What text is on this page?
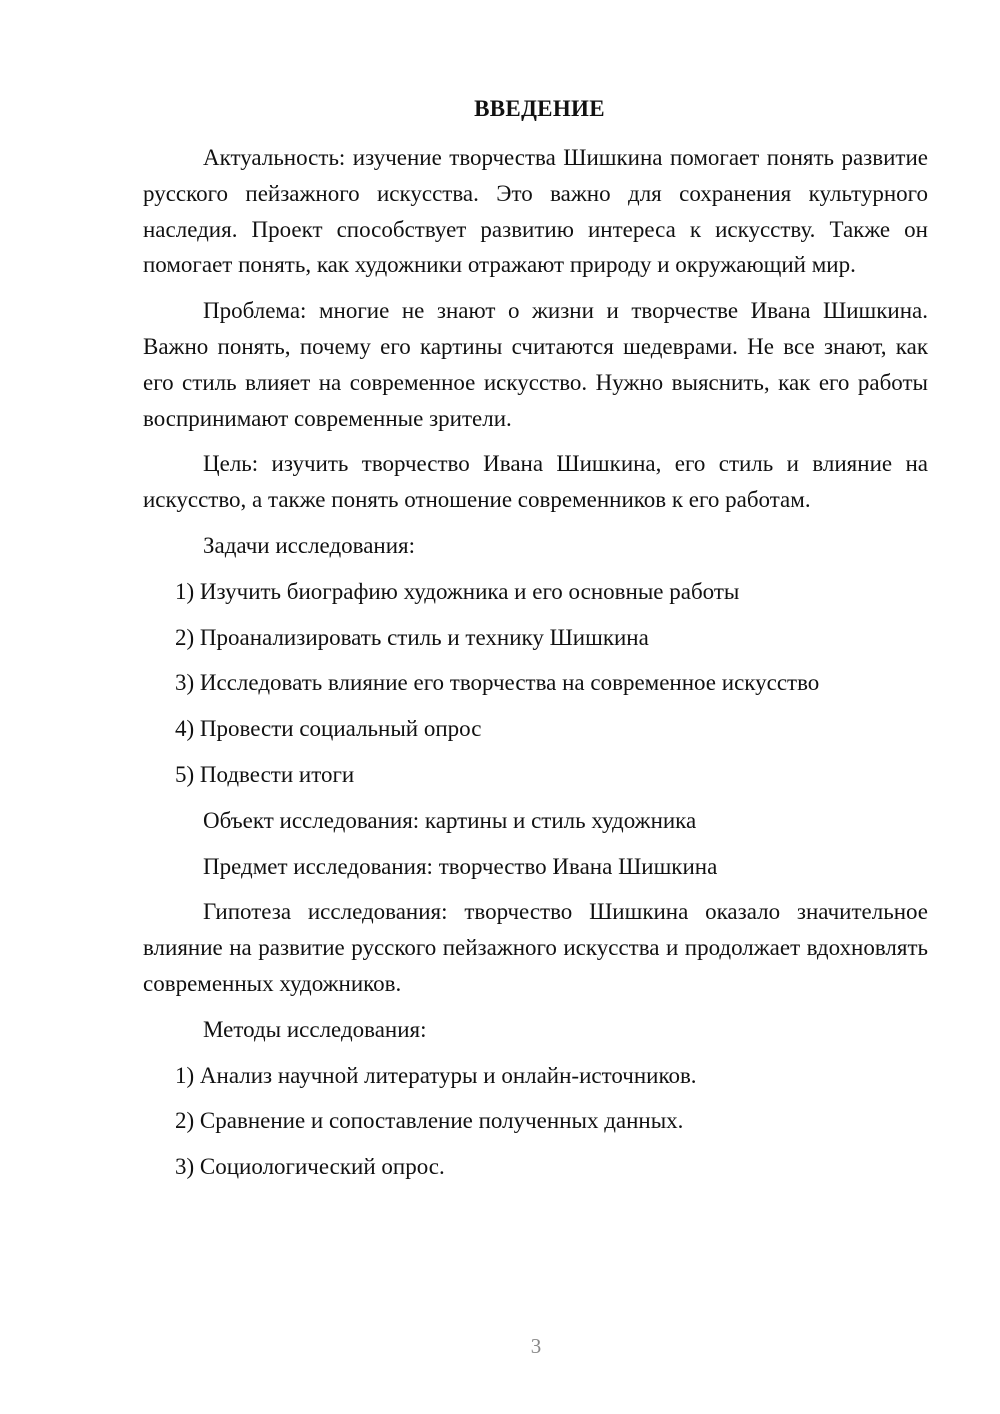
ВВЕДЕНИЕ

Актуальность: изучение творчества Шишкина помогает понять развитие русского пейзажного искусства. Это важно для сохранения культурного наследия. Проект способствует развитию интереса к искусству. Также он помогает понять, как художники отражают природу и окружающий мир.

Проблема: многие не знают о жизни и творчестве Ивана Шишкина. Важно понять, почему его картины считаются шедеврами. Не все знают, как его стиль влияет на современное искусство. Нужно выяснить, как его работы воспринимают современные зрители.

Цель: изучить творчество Ивана Шишкина, его стиль и влияние на искусство, а также понять отношение современников к его работам.

Задачи исследования:

1) Изучить биографию художника и его основные работы

2) Проанализировать стиль и технику Шишкина

3) Исследовать влияние его творчества на современное искусство

4) Провести социальный опрос

5) Подвести итоги

Объект исследования: картины и стиль художника

Предмет исследования: творчество Ивана Шишкина

Гипотеза исследования: творчество Шишкина оказало значительное влияние на развитие русского пейзажного искусства и продолжает вдохновлять современных художников.

Методы исследования:

1) Анализ научной литературы и онлайн-источников.

2) Сравнение и сопоставление полученных данных.

3) Социологический опрос.

3
